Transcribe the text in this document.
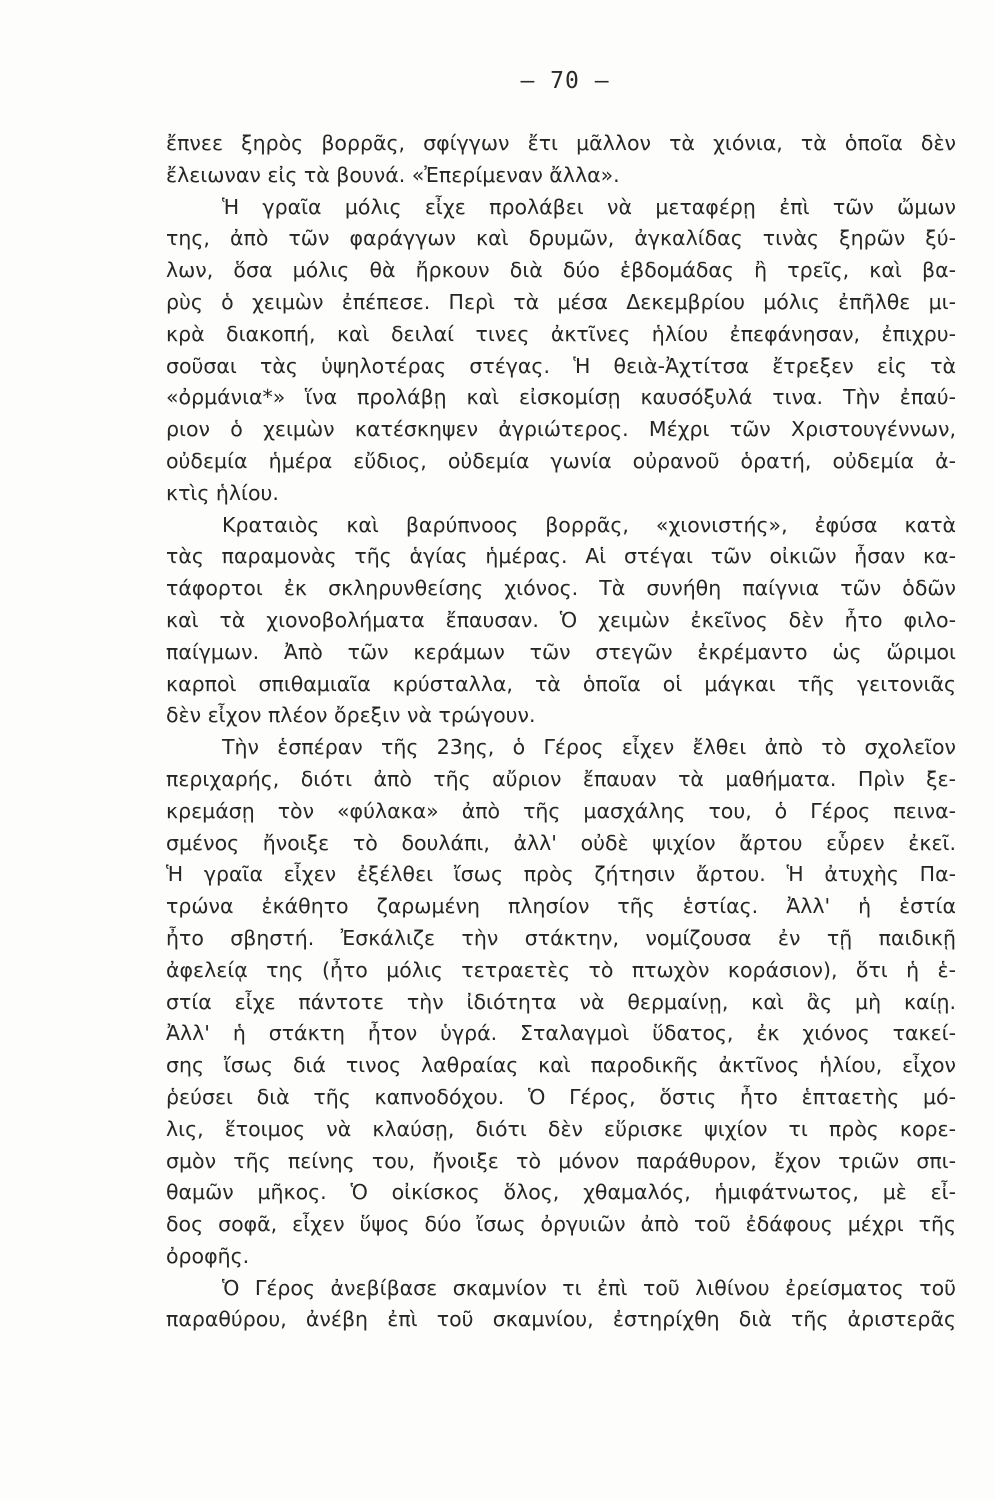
— 70 —

ἔπνεε ξηρὸς βορρᾶς, σφίγγων ἔτι μᾶλλον τὰ χιόνια, τὰ ὁποῖα δὲν
ἔλειωναν εἰς τὰ βουνά. «Ἐπερίμεναν ἄλλα».

Ἡ γραῖα μόλις εἶχε προλάβει νὰ μεταφέρῃ ἐπὶ τῶν ὤμων
της, ἀπὸ τῶν φαράγγων καὶ δρυμῶν, ἀγκαλίδας τινὰς ξηρῶν ξύ-
λων, ὅσα μόλις θὰ ἤρκουν διὰ δύο ἑβδομάδας ἢ τρεῖς, καὶ βα-
ρὺς ὁ χειμὼν ἐπέπεσε. Περὶ τὰ μέσα Δεκεμβρίου μόλις ἐπῆλθε μι-
κρὰ διακοπή, καὶ δειλαί τινες ἀκτῖνες ἡλίου ἐπεφάνησαν, ἐπιχρυ-
σοῦσαι τὰς ὑψηλοτέρας στέγας. Ἡ θειὰ-Ἀχτίτσα ἔτρεξεν εἰς τὰ
«ὀρμάνια*» ἵνα προλάβῃ καὶ εἰσκομίσῃ καυσόξυλά τινα. Τὴν ἐπαύ-
ριον ὁ χειμὼν κατέσκηψεν ἀγριώτερος. Μέχρι τῶν Χριστουγέννων,
οὐδεμία ἡμέρα εὔδιος, οὐδεμία γωνία οὐρανοῦ ὁρατή, οὐδεμία ἀ-
κτὶς ἡλίου.

Κραταιὸς καὶ βαρύπνοος βορρᾶς, «χιονιστής», ἐφύσα κατὰ
τὰς παραμονὰς τῆς ἁγίας ἡμέρας. Αἱ στέγαι τῶν οἰκιῶν ἦσαν κα-
τάφορτοι ἐκ σκληρυνθείσης χιόνος. Τὰ συνήθη παίγνια τῶν ὁδῶν
καὶ τὰ χιονοβολήματα ἔπαυσαν. Ὁ χειμὼν ἐκεῖνος δὲν ἦτο φιλο-
παίγμων. Ἀπὸ τῶν κεράμων τῶν στεγῶν ἐκρέμαντο ὡς ὥριμοι
καρποὶ σπιθαμιαῖα κρύσταλλα, τὰ ὁποῖα οἱ μάγκαι τῆς γειτονιᾶς
δὲν εἶχον πλέον ὄρεξιν νὰ τρώγουν.

Τὴν ἑσπέραν τῆς 23ης, ὁ Γέρος εἶχεν ἔλθει ἀπὸ τὸ σχολεῖον
περιχαρής, διότι ἀπὸ τῆς αὔριον ἔπαυαν τὰ μαθήματα. Πρὶν ξε-
κρεμάσῃ τὸν «φύλακα» ἀπὸ τῆς μασχάλης του, ὁ Γέρος πεινα-
σμένος ἤνοιξε τὸ δουλάπι, ἀλλ' οὐδὲ ψιχίον ἄρτου εὗρεν ἐκεῖ.
Ἡ γραῖα εἶχεν ἐξέλθει ἴσως πρὸς ζήτησιν ἄρτου. Ἡ ἀτυχὴς Πα-
τρώνα ἐκάθητο ζαρωμένη πλησίον τῆς ἑστίας. Ἀλλ' ἡ ἑστία
ἦτο σβηστή. Ἐσκάλιζε τὴν στάκτην, νομίζουσα ἐν τῇ παιδικῇ
ἀφελείᾳ της (ἦτο μόλις τετραετὲς τὸ πτωχὸν κοράσιον), ὅτι ἡ ἑ-
στία εἶχε πάντοτε τὴν ἰδιότητα νὰ θερμαίνῃ, καὶ ἂς μὴ καίῃ.
Ἀλλ' ἡ στάκτη ἦτον ὑγρά. Σταλαγμοὶ ὕδατος, ἐκ χιόνος τακεί-
σης ἴσως διά τινος λαθραίας καὶ παροδικῆς ἀκτῖνος ἡλίου, εἶχον
ῥεύσει διὰ τῆς καπνοδόχου. Ὁ Γέρος, ὅστις ἦτο ἑπταετὴς μό-
λις, ἕτοιμος νὰ κλαύσῃ, διότι δὲν εὕρισκε ψιχίον τι πρὸς κορε-
σμὸν τῆς πείνης του, ἤνοιξε τὸ μόνον παράθυρον, ἔχον τριῶν σπι-
θαμῶν μῆκος. Ὁ οἰκίσκος ὅλος, χθαμαλός, ἡμιφάτνωτος, μὲ εἶ-
δος σοφᾶ, εἶχεν ὕψος δύο ἴσως ὀργυιῶν ἀπὸ τοῦ ἐδάφους μέχρι τῆς
ὀροφῆς.

Ὁ Γέρος ἀνεβίβασε σκαμνίον τι ἐπὶ τοῦ λιθίνου ἐρείσματος τοῦ
παραθύρου, ἀνέβη ἐπὶ τοῦ σκαμνίου, ἐστηρίχθη διὰ τῆς ἀριστερᾶς
